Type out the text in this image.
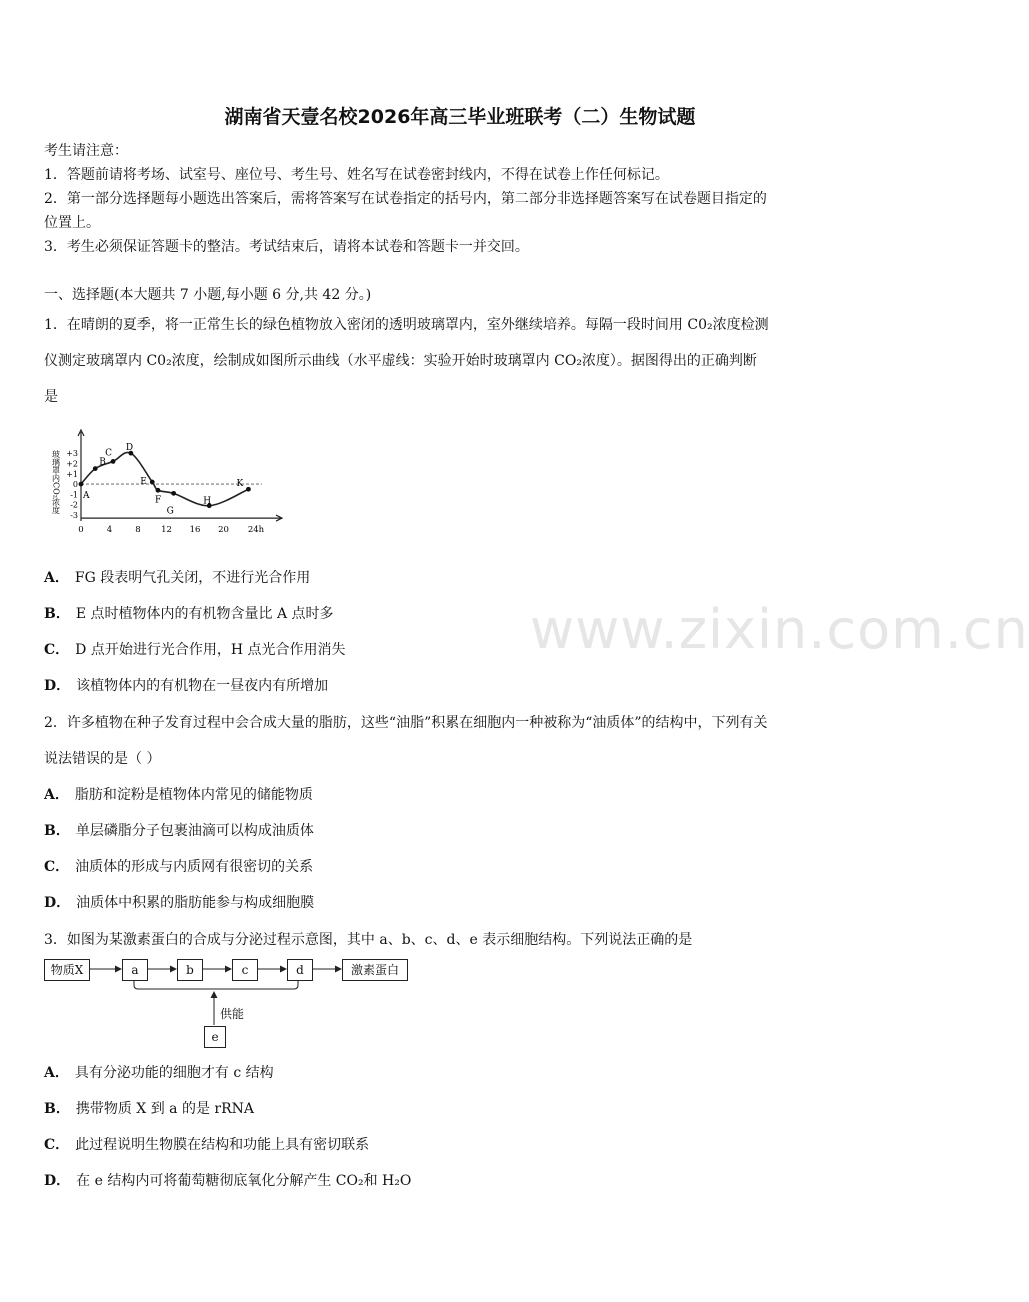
湖南省天壹名校2026年高三毕业班联考（二）生物试题
考生请注意：
1．答题前请将考场、试室号、座位号、考生号、姓名写在试卷密封线内，不得在试卷上作任何标记。
2．第一部分选择题每小题选出答案后，需将答案写在试卷指定的括号内，第二部分非选择题答案写在试卷题目指定的
位置上。
3．考生必须保证答题卡的整洁。考试结束后，请将本试卷和答题卡一并交回。
一、选择题(本大题共 7 小题,每小题 6 分,共 42 分。)
1．在晴朗的夏季，将一正常生长的绿色植物放入密闭的透明玻璃罩内，室外继续培养。每隔一段时间用 C0₂浓度检测
仪测定玻璃罩内 C0₂浓度，绘制成如图所示曲线（水平虚线：实验开始时玻璃罩内 CO₂浓度）。据图得出的正确判断
是
玻璃罩内CO₂浓度 +3
+2
+1
0
-1
-2
-3
0	4	8 12 16 20 24h
A
B
C
D
E
F
G
H
K
A． FG 段表明气孔关闭，不进行光合作用
B． E 点时植物体内的有机物含量比 A 点时多
C． D 点开始进行光合作用，H 点光合作用消失
D． 该植物体内的有机物在一昼夜内有所增加
www.zixin.com.cn
2．许多植物在种子发育过程中会合成大量的脂肪，这些“油脂”积累在细胞内一种被称为“油质体”的结构中，下列有关
说法错误的是（ ）
A． 脂肪和淀粉是植物体内常见的储能物质
B． 单层磷脂分子包裹油滴可以构成油质体
C． 油质体的形成与内质网有很密切的关系
D． 油质体中积累的脂肪能参与构成细胞膜
3．如图为某激素蛋白的合成与分泌过程示意图，其中 a、b、c、d、e 表示细胞结构。下列说法正确的是
物质X	a	b	c	d	激素蛋白
供能
e
A． 具有分泌功能的细胞才有 c 结构
B． 携带物质 X 到 a 的是 rRNA
C． 此过程说明生物膜在结构和功能上具有密切联系
D． 在 e 结构内可将葡萄糖彻底氧化分解产生 CO₂和 H₂O
